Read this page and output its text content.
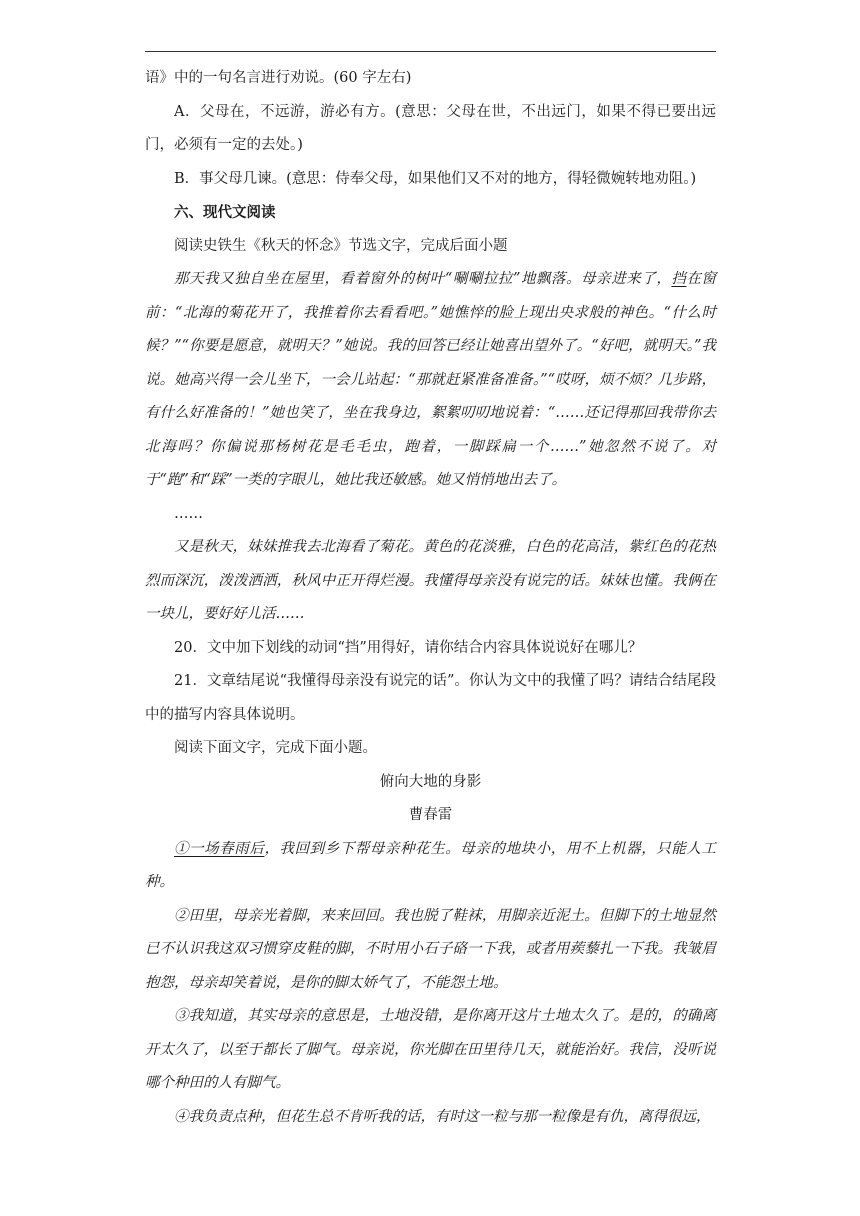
语》中的一句名言进行劝说。(60 字左右)

A．父母在，不远游，游必有方。(意思：父母在世，不出远门，如果不得已要出远门，必须有一定的去处。)

B．事父母几谏。(意思：侍奉父母，如果他们又不对的地方，得轻微婉转地劝阻。)

六、现代文阅读

阅读史铁生《秋天的怀念》节选文字，完成后面小题

那天我又独自坐在屋里，看着窗外的树叶“唰唰拉拉”地飘落。母亲进来了，挡在窗前：“北海的菊花开了，我推着你去看看吧。”她憔悴的脸上现出央求般的神色。“什么时候？”“你要是愿意，就明天？”她说。我的回答已经让她喜出望外了。“好吧，就明天。”我说。她高兴得一会儿坐下，一会儿站起：“那就赶紧准备准备。”“哎呀，烦不烦？几步路，有什么好准备的！”她也笑了，坐在我身边，絮絮叨叨地说着：“……还记得那回我带你去北海吗？你偏说那杨树花是毛毛虫，跑着，一脚踩扁一个……”她忽然不说了。对于“跑”和“踩”一类的字眼儿，她比我还敏感。她又悄悄地出去了。

……

又是秋天，妹妹推我去北海看了菊花。黄色的花淡雅，白色的花高洁，紫红色的花热烈而深沉，泼泼洒洒，秋风中正开得烂漫。我懂得母亲没有说完的话。妹妹也懂。我俩在一块儿，要好好儿活……

20．文中加下划线的动词“挡”用得好，请你结合内容具体说说好在哪儿？

21．文章结尾说“我懂得母亲没有说完的话”。你认为文中的我懂了吗？请结合结尾段中的描写内容具体说明。

阅读下面文字，完成下面小题。

俯向大地的身影

曹春雷

①一场春雨后，我回到乡下帮母亲种花生。母亲的地块小，用不上机器，只能人工种。

②田里，母亲光着脚，来来回回。我也脱了鞋袜，用脚亲近泥土。但脚下的土地显然已不认识我这双习惯穿皮鞋的脚，不时用小石子硌一下我，或者用蒺藜扎一下我。我皱眉抱怨，母亲却笑着说，是你的脚太娇气了，不能怨土地。

③我知道，其实母亲的意思是，土地没错，是你离开这片土地太久了。是的，的确离开太久了，以至于都长了脚气。母亲说，你光脚在田里待几天，就能治好。我信，没听说哪个种田的人有脚气。

④我负责点种，但花生总不肯听我的话，有时这一粒与那一粒像是有仇，离得很远，
